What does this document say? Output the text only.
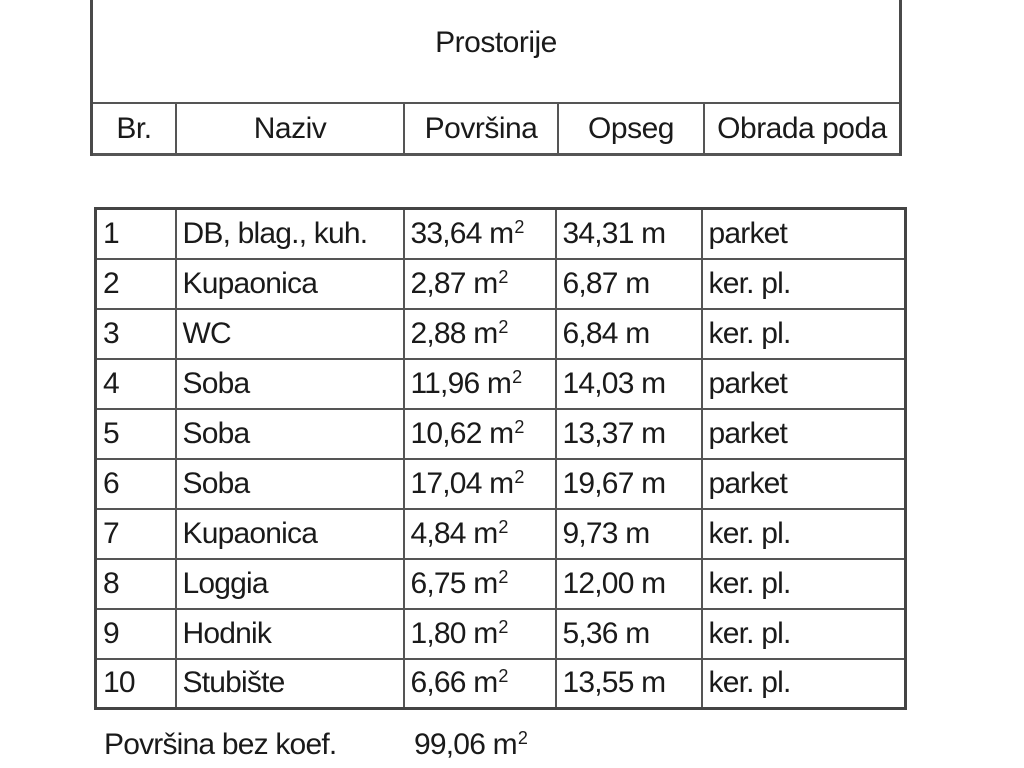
Prostorije
Br.	Naziv	Površina	Opseg	Obrada poda
1	DB, blag., kuh.	33,64 $m^2$	34,31 m	parket
2	Kupaonica	2,87 $m^2$	6,87 m	ker. pl.
3	WC	2,88 $m^2$	6,84 m	ker. pl.
4	Soba	11,96 $m^2$	14,03 m	parket
5	Soba	10,62 $m^2$	13,37 m	parket
6	Soba	17,04 $m^2$	19,67 m	parket
7	Kupaonica	4,84 $m^2$	9,73 m	ker. pl.
8	Loggia	6,75 $m^2$	12,00 m	ker. pl.
9	Hodnik	1,80 $m^2$	5,36 m	ker. pl.
10	Stubište	6,66 $m^2$	13,55 m	ker. pl.
Površina bez koef.	99,06 $m^2$
